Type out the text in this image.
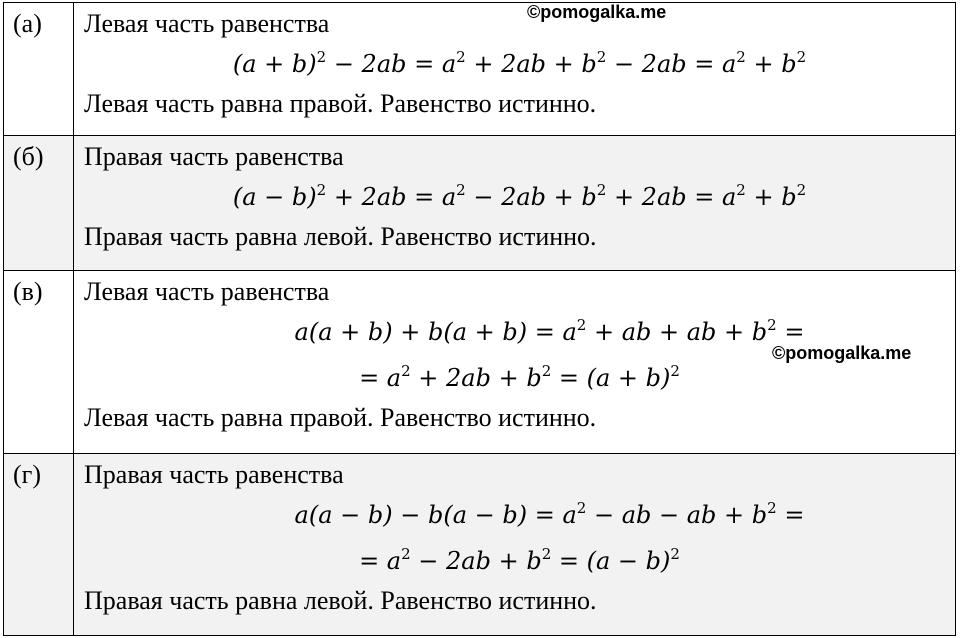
(а)	Левая часть равенства
$(a + b)^2 - 2ab = a^2 + 2ab + b^2 - 2ab = a^2 + b^2$
Левая часть равна правой. Равенство истинно.

(б)	Правая часть равенства
$(a - b)^2 + 2ab = a^2 - 2ab + b^2 + 2ab = a^2 + b^2$
Правая часть равна левой. Равенство истинно.

(в)	Левая часть равенства
$a(a + b) + b(a + b) = a^2$ + ab + ab + $b^2$ =
= $a^2 + 2ab + b^2 = (a + b)^2$
Левая часть равна правой. Равенство истинно.

(г)	Правая часть равенства
$a(a - b) - b(a - b) = a^2$ − ab − ab + $b^2$ =
= $a^2 - 2ab + b^2 = (a - b)^2$
Правая часть равна левой. Равенство истинно.
©pomogalka.me
©pomogalka.me
